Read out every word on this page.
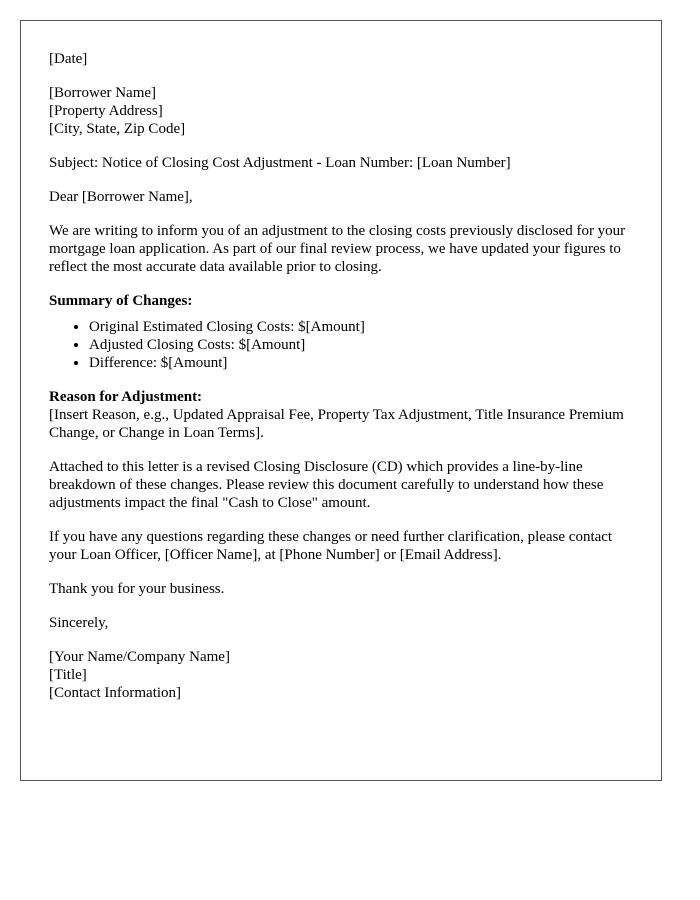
[Date]

[Borrower Name]
[Property Address]
[City, State, Zip Code]

Subject: Notice of Closing Cost Adjustment - Loan Number: [Loan Number]

Dear [Borrower Name],

We are writing to inform you of an adjustment to the closing costs previously disclosed for your mortgage loan application. As part of our final review process, we have updated your figures to reflect the most accurate data available prior to closing.

Summary of Changes:
• Original Estimated Closing Costs: $[Amount]
• Adjusted Closing Costs: $[Amount]
• Difference: $[Amount]
Reason for Adjustment:
[Insert Reason, e.g., Updated Appraisal Fee, Property Tax Adjustment, Title Insurance Premium Change, or Change in Loan Terms].

Attached to this letter is a revised Closing Disclosure (CD) which provides a line-by-line breakdown of these changes. Please review this document carefully to understand how these adjustments impact the final "Cash to Close" amount.

If you have any questions regarding these changes or need further clarification, please contact your Loan Officer, [Officer Name], at [Phone Number] or [Email Address].

Thank you for your business.

Sincerely,

[Your Name/Company Name]
[Title]
[Contact Information]
